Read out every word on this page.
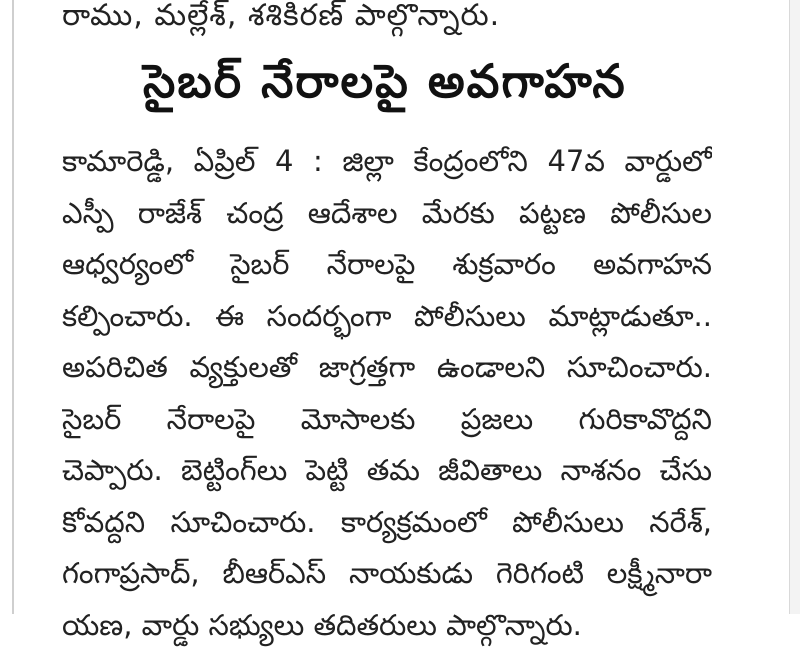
రాము, మల్లేశ్, శశికిరణ్ పాల్గొన్నారు.
సైబర్ నేరాలపై అవగాహన
కామారెడ్డి, ఏప్రిల్ 4 : జిల్లా కేంద్రంలోని 47వ వార్డులో
ఎస్పీ రాజేశ్ చంద్ర ఆదేశాల మేరకు పట్టణ పోలీసుల
ఆధ్వర్యంలో సైబర్ నేరాలపై శుక్రవారం అవగాహన
కల్పించారు. ఈ సందర్భంగా పోలీసులు మాట్లాడుతూ..
అపరిచిత వ్యక్తులతో జాగ్రత్తగా ఉండాలని సూచించారు.
సైబర్ నేరాలపై మోసాలకు ప్రజలు గురికావొద్దని
చెప్పారు. బెట్టింగ్‌లు పెట్టి తమ జీవితాలు నాశనం చేసు
కోవద్దని సూచించారు. కార్యక్రమంలో పోలీసులు నరేశ్,
గంగాప్రసాద్, బీఆర్ఎస్ నాయకుడు గెరిగంటి లక్ష్మీనారా
యణ, వార్డు సభ్యులు తదితరులు పాల్గొన్నారు.
